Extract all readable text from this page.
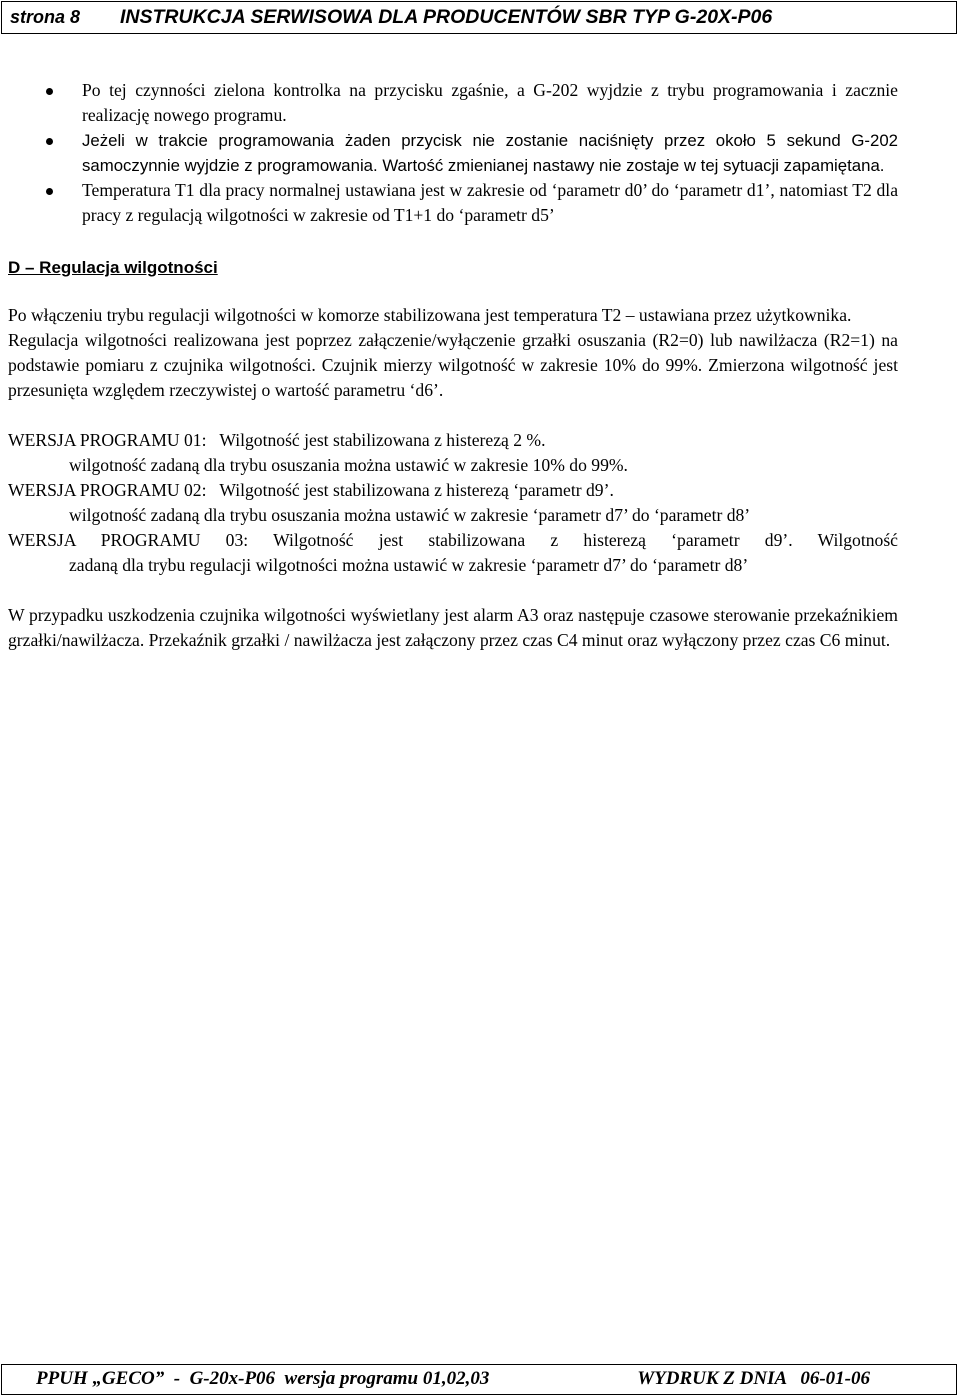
strona 8 INSTRUKCJA SERWISOWA DLA PRODUCENTÓW SBR TYP G-20X-P06
Po tej czynności zielona kontrolka na przycisku zgaśnie, a G-202 wyjdzie z trybu programowania i zacznie realizację nowego programu.
Jeżeli w trakcie programowania żaden przycisk nie zostanie naciśnięty przez około 5 sekund G-202 samoczynnie wyjdzie z programowania. Wartość zmienianej nastawy nie zostaje w tej sytuacji zapamiętana.
Temperatura T1 dla pracy normalnej ustawiana jest w zakresie od ‘parametr d0’ do ‘parametr d1’, natomiast T2 dla pracy z regulacją wilgotności w zakresie od T1+1 do ‘parametr d5’
D – Regulacja wilgotności

Po włączeniu trybu regulacji wilgotności w komorze stabilizowana jest temperatura T2 – ustawiana przez użytkownika.

Regulacja wilgotności realizowana jest poprzez załączenie/wyłączenie grzałki osuszania (R2=0) lub nawilżacza (R2=1) na podstawie pomiaru z czujnika wilgotności. Czujnik mierzy wilgotność w zakresie 10% do 99%. Zmierzona wilgotność jest przesunięta względem rzeczywistej o wartość parametru ‘d6’.

WERSJA PROGRAMU 01:   Wilgotność jest stabilizowana z histerezą 2 %.

wilgotność zadaną dla trybu osuszania można ustawić w zakresie 10% do 99%.

WERSJA PROGRAMU 02:   Wilgotność jest stabilizowana z histerezą ‘parametr d9’.

wilgotność zadaną dla trybu osuszania można ustawić w zakresie ‘parametr d7’ do ‘parametr d8’

WERSJA PROGRAMU 03: Wilgotność jest stabilizowana z histerezą ‘parametr d9’. Wilgotność

zadaną dla trybu regulacji wilgotności można ustawić w zakresie ‘parametr d7’ do ‘parametr d8’

W przypadku uszkodzenia czujnika wilgotności wyświetlany jest alarm A3 oraz następuje czasowe sterowanie przekaźnikiem grzałki/nawilżacza. Przekaźnik grzałki / nawilżacza jest załączony przez czas C4 minut oraz wyłączony przez czas C6 minut.

PPUH „GECO”  -  G-20x-P06  wersja programu 01,02,03	WYDRUK Z DNIA   06-01-06
